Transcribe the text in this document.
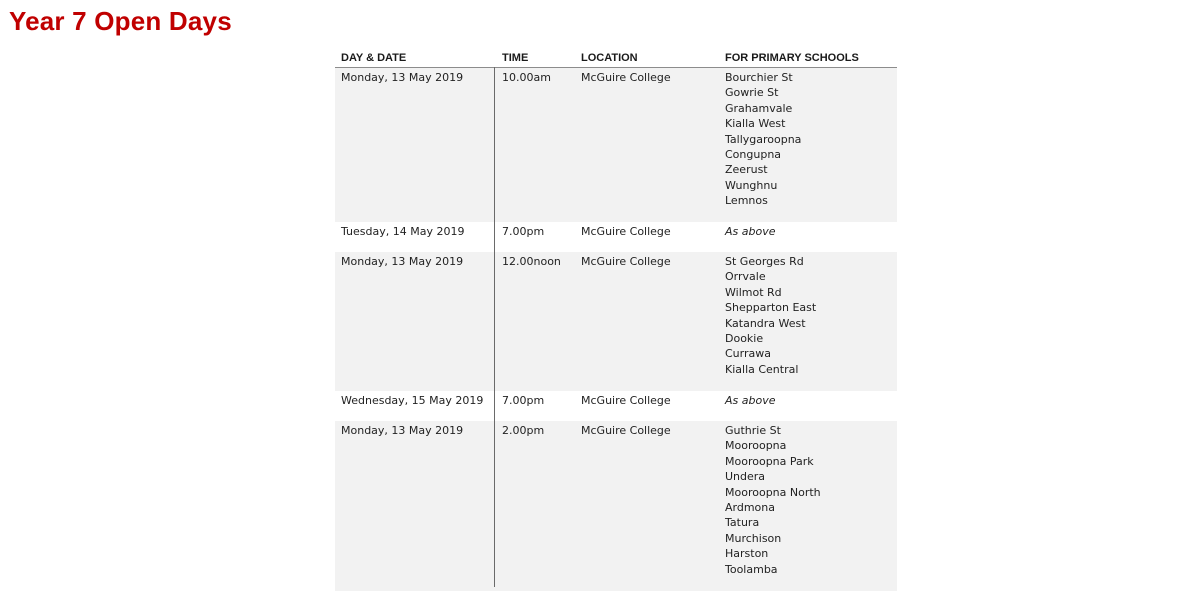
Year 7 Open Days
DAY & DATE	TIME	LOCATION	FOR PRIMARY SCHOOLS
Monday, 13 May 2019	10.00am	McGuire College	Bourchier St
Gowrie St
Grahamvale
Kialla West
Tallygaroopna
Congupna
Zeerust
Wunghnu
Lemnos
Tuesday, 14 May 2019	7.00pm	McGuire College	As above
Monday, 13 May 2019	12.00noon McGuire College	St Georges Rd
Orrvale
Wilmot Rd
Shepparton East
Katandra West
Dookie
Currawa
Kialla Central
Wednesday, 15 May 2019 7.00pm	McGuire College	As above
Monday, 13 May 2019	2.00pm	McGuire College	Guthrie St
Mooroopna
Mooroopna Park
Undera
Mooroopna North
Ardmona
Tatura
Murchison
Harston
Toolamba
